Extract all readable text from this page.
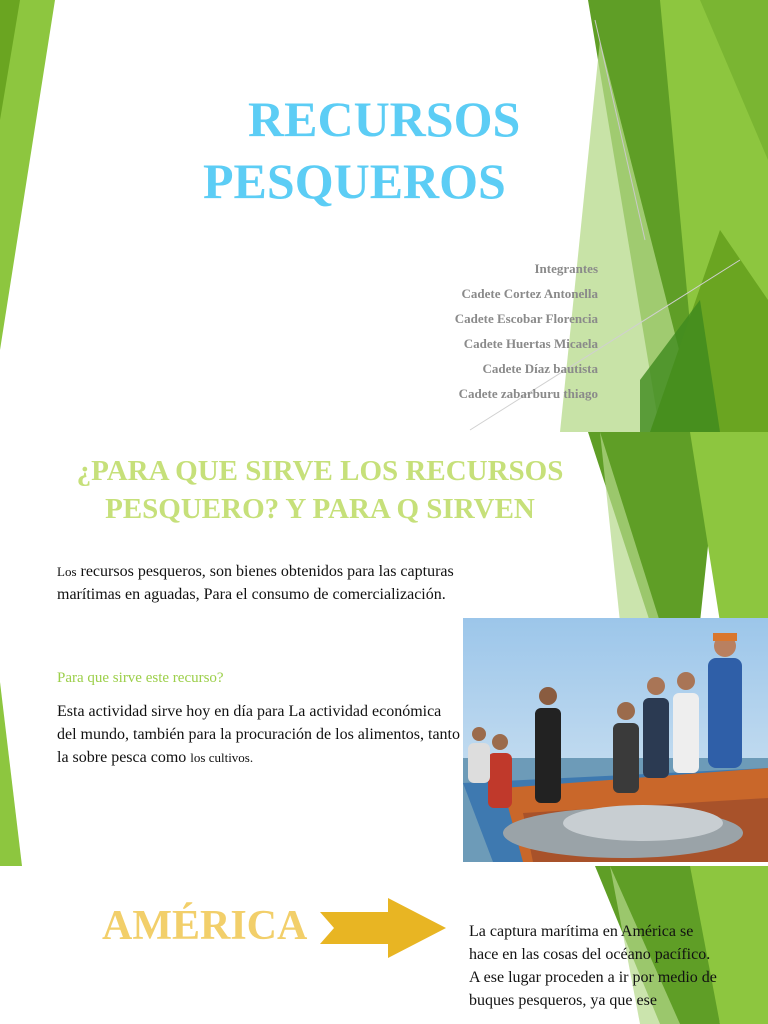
RECURSOS
PESQUEROS
Integrantes
Cadete Cortez Antonella
Cadete Escobar Florencia
Cadete Huertas Micaela
Cadete Díaz bautista
Cadete zabarburu thiago
¿PARA QUE SIRVE LOS RECURSOS
PESQUERO? Y PARA Q SIRVEN
Los recursos pesqueros, son bienes obtenidos para las capturas marítimas en aguadas, Para el consumo de comercialización.
Para que sirve este recurso?
Esta actividad sirve hoy en día para La actividad económica del mundo, también para la procuración de los alimentos, tanto la sobre pesca como los cultivos.
AMÉRICA	La captura marítima en América se hace en las cosas del océano pacífico. A ese lugar proceden a ir por medio de buques pesqueros, ya que ese
